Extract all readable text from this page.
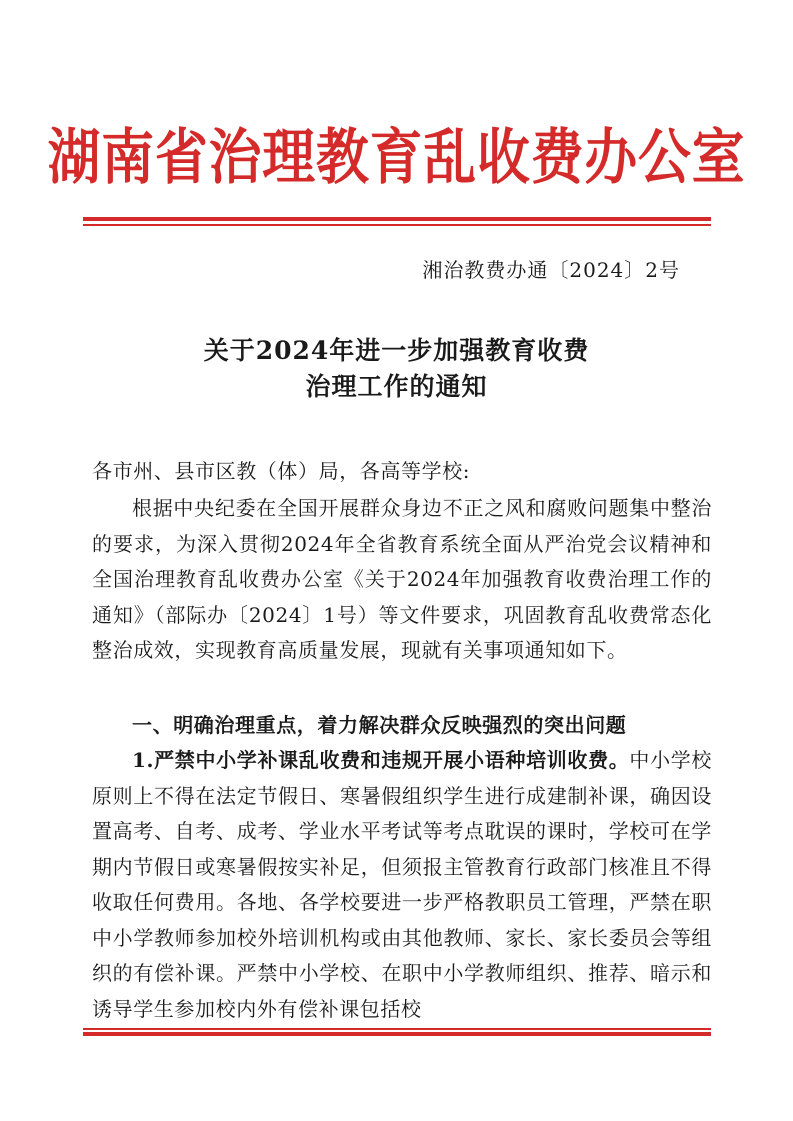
湖南省治理教育乱收费办公室
湘治教费办通〔2024〕2号
关于2024年进一步加强教育收费
治理工作的通知
各市州、县市区教（体）局，各高等学校:
根据中央纪委在全国开展群众身边不正之风和腐败问题集中整治的要求，为深入贯彻2024年全省教育系统全面从严治党会议精神和全国治理教育乱收费办公室《关于2024年加强教育收费治理工作的通知》（部际办〔2024〕1号）等文件要求，巩固教育乱收费常态化整治成效，实现教育高质量发展，现就有关事项通知如下。
一、明确治理重点，着力解决群众反映强烈的突出问题
1.严禁中小学补课乱收费和违规开展小语种培训收费。中小学校原则上不得在法定节假日、寒暑假组织学生进行成建制补课，确因设置高考、自考、成考、学业水平考试等考点耽误的课时，学校可在学期内节假日或寒暑假按实补足，但须报主管教育行政部门核准且不得收取任何费用。各地、各学校要进一步严格教职员工管理，严禁在职中小学教师参加校外培训机构或由其他教师、家长、家长委员会等组织的有偿补课。严禁中小学校、在职中小学教师组织、推荐、暗示和诱导学生参加校内外有偿补课包括校
